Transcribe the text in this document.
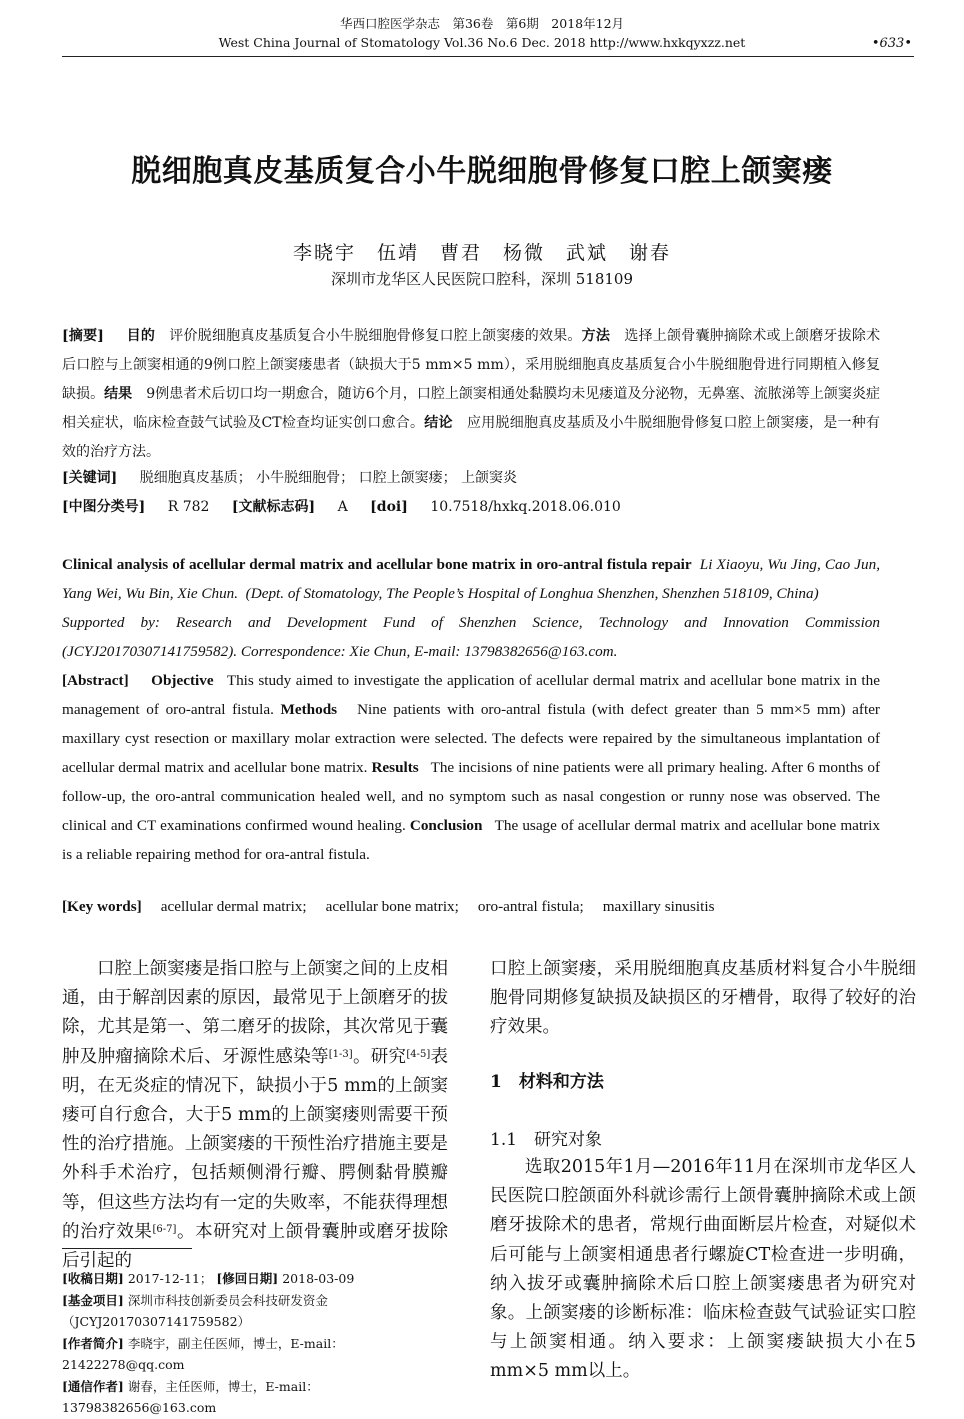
华西口腔医学杂志　第36卷　第6期　2018年12月
West China Journal of Stomatology Vol.36 No.6 Dec. 2018 http://www.hxkqyxzz.net	•633•
脱细胞真皮基质复合小牛脱细胞骨修复口腔上颌窦瘘
李晓宇　伍靖　曹君　杨微　武斌　谢春
深圳市龙华区人民医院口腔科，深圳 518109
[摘要] 目的　 评价脱细胞真皮基质复合小牛脱细胞骨修复口腔上颌窦瘘的效果。方法　 选择上颌骨囊肿摘除术或上颌磨牙拔除术后口腔与上颌窦相通的9例口腔上颌窦瘘患者（缺损大于5 mm×5 mm），采用脱细胞真皮基质复合小牛脱细胞骨进行同期植入修复缺损。结果　 9例患者术后切口均一期愈合，随访6个月，口腔上颌窦相通处黏膜均未见瘘道及分泌物，无鼻塞、流脓涕等上颌窦炎症相关症状，临床检查鼓气试验及CT检查均证实创口愈合。结论　 应用脱细胞真皮基质及小牛脱细胞骨修复口腔上颌窦瘘，是一种有效的治疗方法。
[关键词] 脱细胞真皮基质； 小牛脱细胞骨； 口腔上颌窦瘘； 上颌窦炎
[中图分类号] R 782 [文献标志码] A [doi] 10.7518/hxkq.2018.06.010
Clinical analysis of acellular dermal matrix and acellular bone matrix in oro-antral fistula repair Li Xiaoyu, Wu Jing, Cao Jun, Yang Wei, Wu Bin, Xie Chun. (Dept. of Stomatology, The People’s Hospital of Longhua Shenzhen, Shenzhen 518109, China)
Supported by: Research and Development Fund of Shenzhen Science, Technology and Innovation Commission (JCYJ20170307141759582). Correspondence: Xie Chun, E-mail: 13798382656@163.com.
[Abstract] Objective This study aimed to investigate the application of acellular dermal matrix and acellular bone matrix in the management of oro-antral fistula. Methods Nine patients with oro-antral fistula (with defect greater than 5 mm×5 mm) after maxillary cyst resection or maxillary molar extraction were selected. The defects were repaired by the simultaneous implantation of acellular dermal matrix and acellular bone matrix. Results The incisions of nine patients were all primary healing. After 6 months of follow-up, the oro-antral communication healed well, and no symptom such as nasal congestion or runny nose was observed. The clinical and CT examinations confirmed wound healing. Conclusion The usage of acellular dermal matrix and acellular bone matrix is a reliable repairing method for ora-antral fistula.
[Key words] acellular dermal matrix; acellular bone matrix; oro-antral fistula; maxillary sinusitis

口腔上颌窦瘘是指口腔与上颌窦之间的上皮相通，由于解剖因素的原因，最常见于上颌磨牙的拔除，尤其是第一、第二磨牙的拔除，其次常见于囊肿及肿瘤摘除术后、牙源性感染等[1-3]。研究[4-5]表明，在无炎症的情况下，缺损小于5 mm的上颌窦瘘可自行愈合，大于5 mm的上颌窦瘘则需要干预性的治疗措施。上颌窦瘘的干预性治疗措施主要是外科手术治疗，包括颊侧滑行瓣、腭侧黏骨膜瓣等，但这些方法均有一定的失败率，不能获得理想的治疗效果[6-7]。本研究对上颌骨囊肿或磨牙拔除后引起的

口腔上颌窦瘘，采用脱细胞真皮基质材料复合小牛脱细胞骨同期修复缺损及缺损区的牙槽骨，取得了较好的治疗效果。

1　材料和方法
1.1　研究对象

选取2015年1月—2016年11月在深圳市龙华区人民医院口腔颌面外科就诊需行上颌骨囊肿摘除术或上颌磨牙拔除术的患者，常规行曲面断层片检查，对疑似术后可能与上颌窦相通患者行螺旋CT检查进一步明确，纳入拔牙或囊肿摘除术后口腔上颌窦瘘患者为研究对象。上颌窦瘘的诊断标准：临床检查鼓气试验证实口腔与上颌窦相通。纳入要求：上颌窦瘘缺损大小在5 mm×5 mm以上。

[收稿日期] 2017-12-11； [修回日期] 2018-03-09
[基金项目] 深圳市科技创新委员会科技研发资金（JCYJ20170307141759582）
[作者简介] 李晓宇，副主任医师，博士，E-mail：21422278@qq.com
[通信作者] 谢春，主任医师，博士，E-mail：13798382656@163.com
